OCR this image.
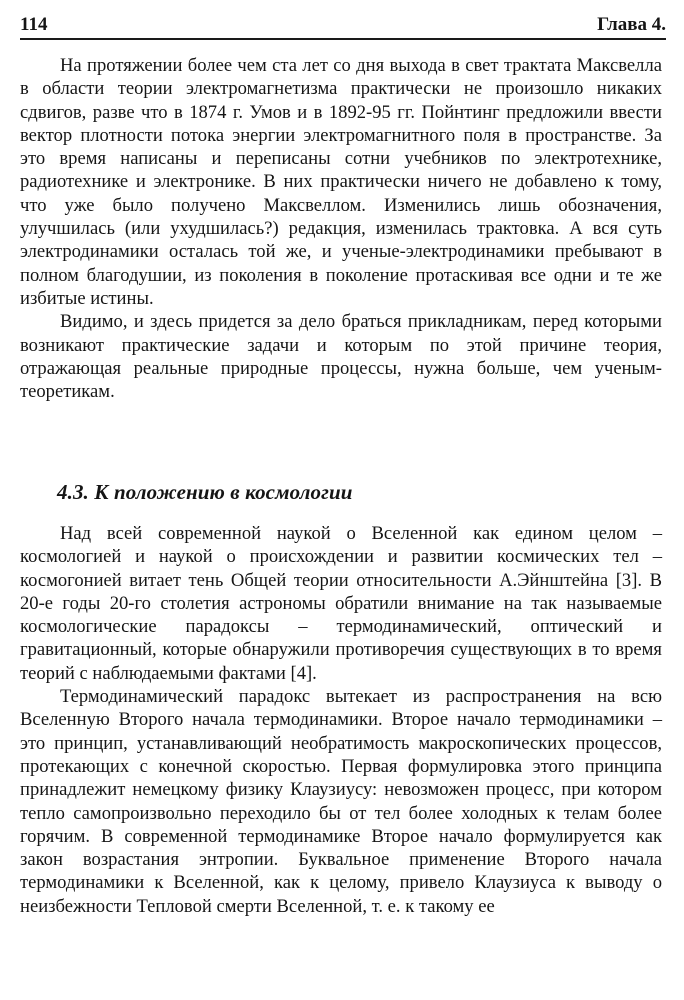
114	Глава 4.

На протяжении более чем ста лет со дня выхода в свет трактата Максвелла в области теории электромагнетизма практически не произошло никаких сдвигов, разве что в 1874 г. Умов и в 1892-95 гг. Пойнтинг предложили ввести вектор плотности потока энергии электромагнитного поля в пространстве. За это время написаны и переписаны сотни учебников по электротехнике, радиотехнике и электронике. В них практически ничего не добавлено к тому, что уже было получено Максвеллом. Изменились лишь обозначения, улучшилась (или ухудшилась?) редакция, изменилась трактовка. А вся суть электродинамики осталась той же, и ученые-электродинамики пребывают в полном благодушии, из поколения в поколение протаскивая все одни и те же избитые истины.

Видимо, и здесь придется за дело браться прикладникам, перед которыми возникают практические задачи и которым по этой причине теория, отражающая реальные природные процессы, нужна больше, чем ученым-теоретикам.

4.3. К положению в космологии

Над всей современной наукой о Вселенной как едином целом – космологией и наукой о происхождении и развитии космических тел – космогонией витает тень Общей теории относительности А.Эйнштейна [3]. В 20-е годы 20-го столетия астрономы обратили внимание на так называемые космологические парадоксы – термодинамический, оптический и гравитационный, которые обнаружили противоречия существующих в то время теорий с наблюдаемыми фактами [4].

Термодинамический парадокс вытекает из распространения на всю Вселенную Второго начала термодинамики. Второе начало термодинамики – это принцип, устанавливающий необратимость макроскопических процессов, протекающих с конечной скоростью. Первая формулировка этого принципа принадлежит немецкому физику Клаузиусу: невозможен процесс, при котором тепло самопроизвольно переходило бы от тел более холодных к телам более горячим. В современной термодинамике Второе начало формулируется как закон возрастания энтропии. Буквальное применение Второго начала термодинамики к Вселенной, как к целому, привело Клаузиуса к выводу о неизбежности Тепловой смерти Вселенной, т. е. к такому ее
